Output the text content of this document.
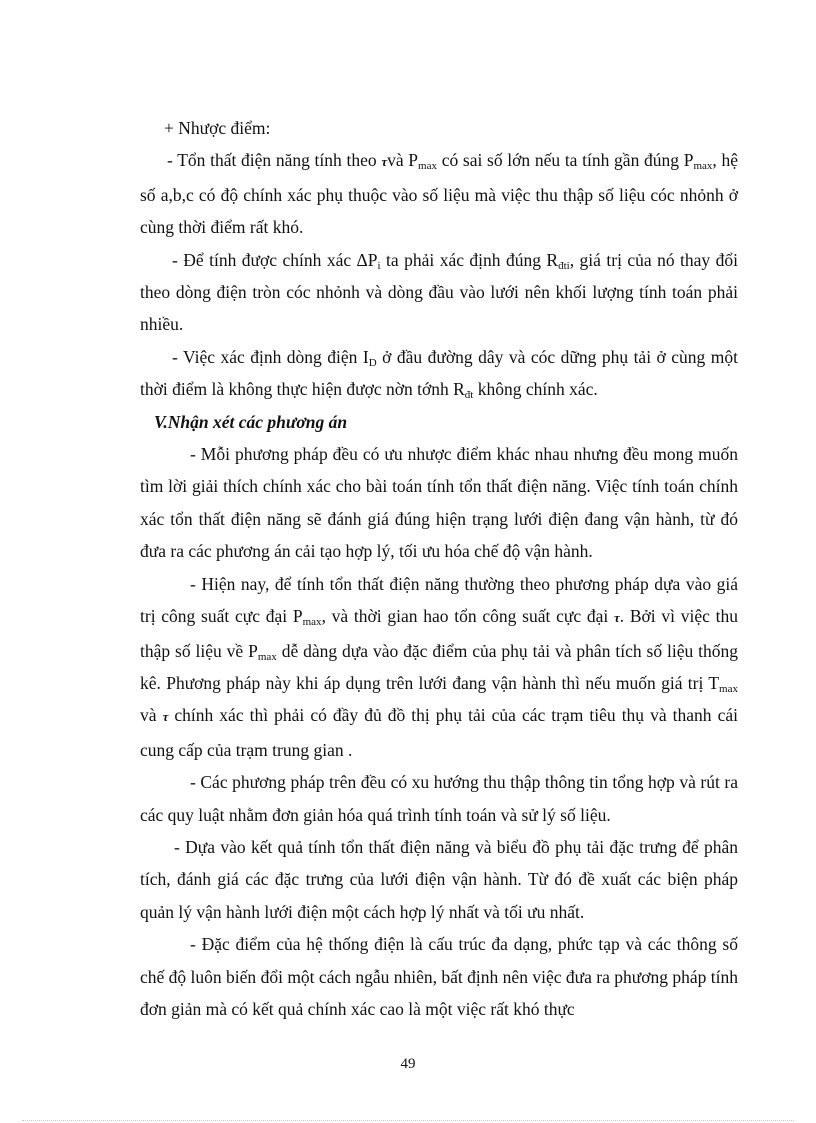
+ Nhược điểm:

- Tổn thất điện năng tính theo τvà $P_{max}$ có sai số lớn nếu ta tính gần đúng $P_{max}$, hệ số a,b,c có độ chính xác phụ thuộc vào số liệu mà việc thu thập số liệu cóc nhỏnh ở cùng thời điểm rất khó.

- Để tính được chính xác $\Delta P_i$ ta phải xác định đúng $R_{đti}$, giá trị của nó thay đổi theo dòng điện tròn cóc nhỏnh và dòng đầu vào lưới nên khối lượng tính toán phải nhiều.

- Việc xác định dòng điện $I_D$ ở đầu đường dây và cóc dững phụ tải ở cùng một thời điểm là không thực hiện được nờn tớnh $R_{đt}$ không chính xác.

V.Nhận xét các phương án

- Mỗi phương pháp đều có ưu nhược điểm khác nhau nhưng đều mong muốn tìm lời giải thích chính xác cho bài toán tính tổn thất điện năng. Việc tính toán chính xác tổn thất điện năng sẽ đánh giá đúng hiện trạng lưới điện đang vận hành, từ đó đưa ra các phương án cải tạo hợp lý, tối ưu hóa chế độ vận hành.

- Hiện nay, để tính tổn thất điện năng thường theo phương pháp dựa vào giá trị công suất cực đại $P_{max}$, và thời gian hao tổn công suất cực đại τ. Bởi vì việc thu thập số liệu về $P_{max}$ dễ dàng dựa vào đặc điểm của phụ tải và phân tích số liệu thống kê. Phương pháp này khi áp dụng trên lưới đang vận hành thì nếu muốn giá trị $T_{max}$ và τ chính xác thì phải có đầy đủ đồ thị phụ tải của các trạm tiêu thụ và thanh cái cung cấp của trạm trung gian .

- Các phương pháp trên đều có xu hướng thu thập thông tin tổng hợp và rút ra các quy luật nhằm đơn giản hóa quá trình tính toán và sử lý số liệu.

- Dựa vào kết quả tính tổn thất điện năng và biểu đồ phụ tải đặc trưng để phân tích, đánh giá các đặc trưng của lưới điện vận hành. Từ đó đề xuất các biện pháp quản lý vận hành lưới điện một cách hợp lý nhất và tối ưu nhất.

- Đặc điểm của hệ thống điện là cấu trúc đa dạng, phức tạp và các thông số chế độ luôn biến đổi một cách ngẫu nhiên, bất định nên việc đưa ra phương pháp tính đơn giản mà có kết quả chính xác cao là một việc rất khó thực

49
